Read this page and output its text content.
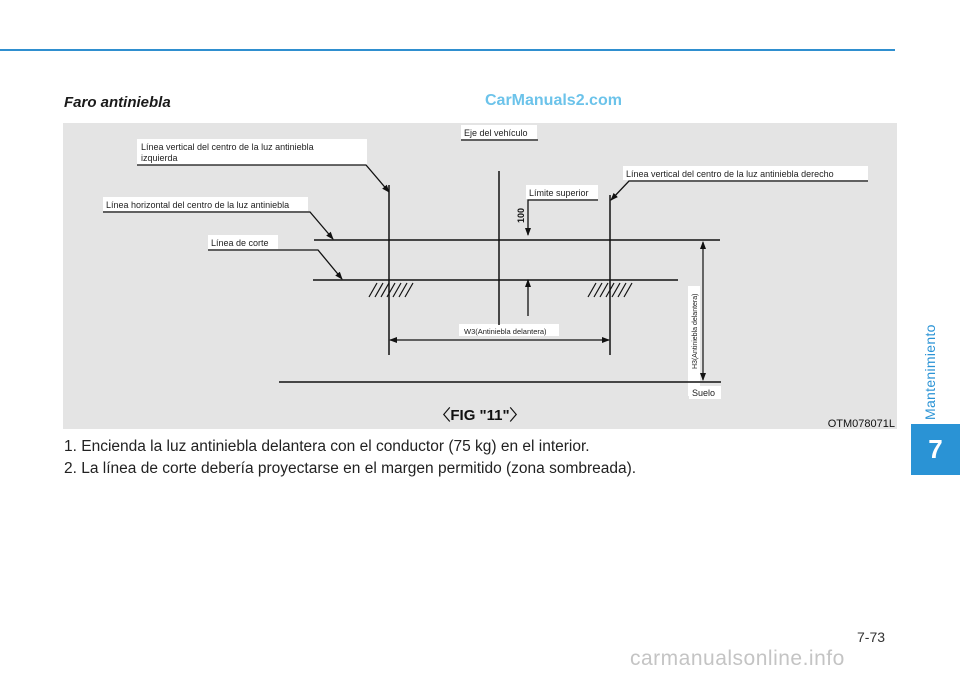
Faro antiniebla	CarManuals2.com
Línea vertical del centro de la luz antiniebla
izquierda
Eje del vehículo
Línea vertical del centro de la luz antiniebla derecho
Línea horizontal del centro de la luz antiniebla
Límite superior
Línea de corte
W3(Antiniebla delantera)	H3(Antiniebla delantera)
Suelo
100
〈FIG "11"〉	OTM078071L
1. Encienda la luz antiniebla delantera con el conductor (75 kg) en el interior.
2. La línea de corte debería proyectarse en el margen permitido (zona sombreada).
Mantenimiento
7
7-73
carmanualsonline.info
